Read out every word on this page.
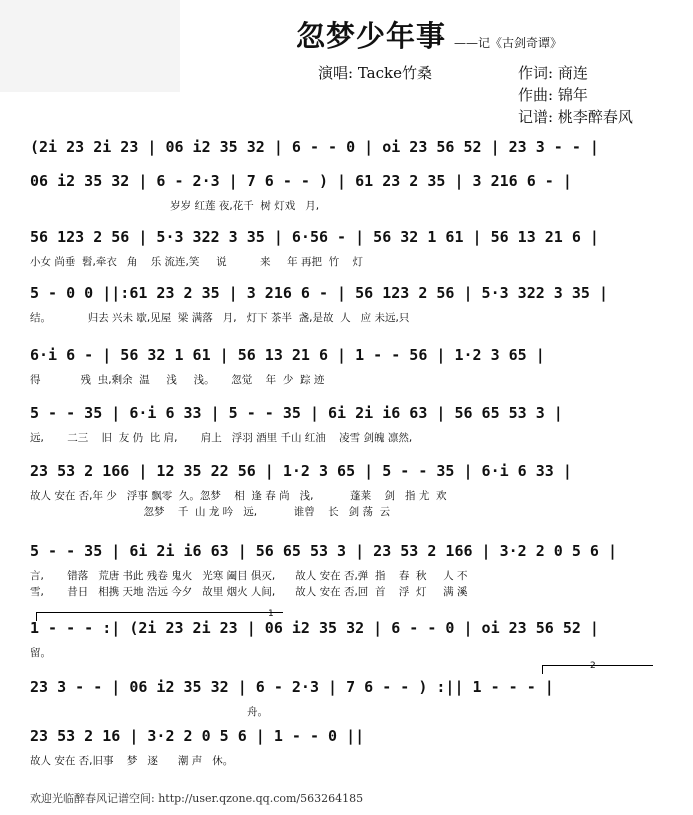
忽梦少年事 ——记《古剑奇谭》
演唱: Tacke竹桑	作词: 商连
作曲: 锦年
记谱: 桃李醉春风
(2i 23 2i 23 | 06 i2 35 32 | 6 - - 0 | oi 23 56 52 | 23 3 - - |
06 i2 35 32 | 6 - 2·3 | 7 6 - - ) | 61 23 2 35 | 3 216 6 - |
岁岁 红莲 夜,花千  树 灯戏   月,
56 123 2 56 | 5·3 322 3 35 | 6·56 - | 56 32 1 61 | 56 13 21 6 |
小女 尚垂  髫,牵衣   角    乐 流连,笑     说          来     年 再把  竹    灯
5 - 0 0 ||:61 23 2 35 | 3 216 6 - | 56 123 2 56 | 5·3 322 3 35 |
结。           归去 兴未 歇,见屋  梁 满落   月,   灯下 茶半  盏,是故  人   应 未远,只
6·i 6 - | 56 32 1 61 | 56 13 21 6 | 1 - - 56 | 1·2 3 65 |
得            残  虫,剩余  温     浅     浅。     忽觉    年  少  踪 迹
5 - - 35 | 6·i 6 33 | 5 - - 35 | 6i 2i i6 63 | 56 65 53 3 |
远,       二三    旧  友 仍  比 肩,       肩上   浮羽 酒里 千山 红油    凌雪 剑魄 凛然,
23 53 2 166 | 12 35 22 56 | 1·2 3 65 | 5 - - 35 | 6·i 6 33 |
故人 安在 否,年 少   浮事 飘零  久。忽梦    相  逢 春 尚   浅,           蓬莱    剑   指 尤  欢
忽梦    千  山 龙 吟   远,           谁曾    长   剑 荡  云
5 - - 35 | 6i 2i i6 63 | 56 65 53 3 | 23 53 2 166 | 3·2 2 0 5 6 |
言,       错落   荒唐 书此 残卷 鬼火   光寒 阖目 俱灭,      故人 安在 否,弹  指    春  秋     人 不
雪,       昔日   相携 天地 浩远 今夕   故里 烟火 人间,      故人 安在 否,回  首    浮  灯     满 溪
1 - - - :| (2i 23 2i 23 | 06 i2 35 32 | 6 - - 0 | oi 23 56 52 |
留。
23 3 - - | 06 i2 35 32 | 6 - 2·3 | 7 6 - - ) :|| 1 - - - |
舟。
23 53 2 16 | 3·2 2 0 5 6 | 1 - - 0 ||
故人 安在 否,旧事    梦   逐      潮 声   休。
1
2
欢迎光临醉春风记谱空间: http://user.qzone.qq.com/563264185
